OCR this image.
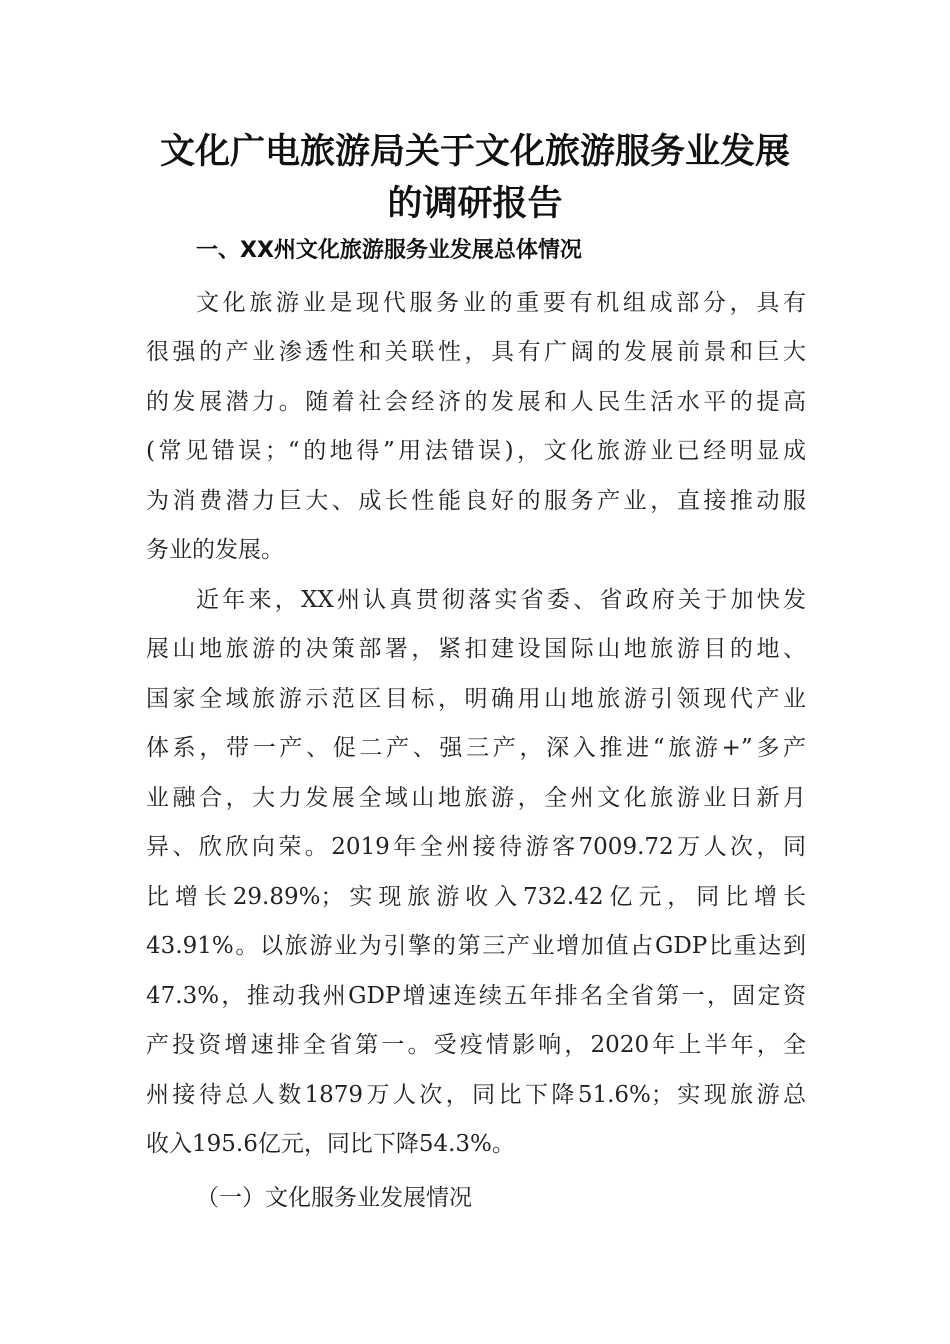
文化广电旅游局关于文化旅游服务业发展
的调研报告
一、XX州文化旅游服务业发展总体情况
文化旅游业是现代服务业的重要有机组成部分，具有
很强的产业渗透性和关联性，具有广阔的发展前景和巨大
的发展潜力。随着社会经济的发展和人民生活水平的提高
(常见错误；“的地得”用法错误)，文化旅游业已经明显成
为消费潜力巨大、成长性能良好的服务产业，直接推动服
务业的发展。
近年来，XX州认真贯彻落实省委、省政府关于加快发
展山地旅游的决策部署，紧扣建设国际山地旅游目的地、
国家全域旅游示范区目标，明确用山地旅游引领现代产业
体系，带一产、促二产、强三产，深入推进“旅游+”多产
业融合，大力发展全域山地旅游，全州文化旅游业日新月
异、欣欣向荣。2019年全州接待游客7009.72万人次，同
比增长29.89%；实现旅游收入732.42亿元，同比增长
43.91%。以旅游业为引擎的第三产业增加值占GDP比重达到
47.3%，推动我州GDP增速连续五年排名全省第一，固定资
产投资增速排全省第一。受疫情影响，2020年上半年，全
州接待总人数1879万人次，同比下降51.6%；实现旅游总
收入195.6亿元，同比下降54.3%。
（一）文化服务业发展情况
